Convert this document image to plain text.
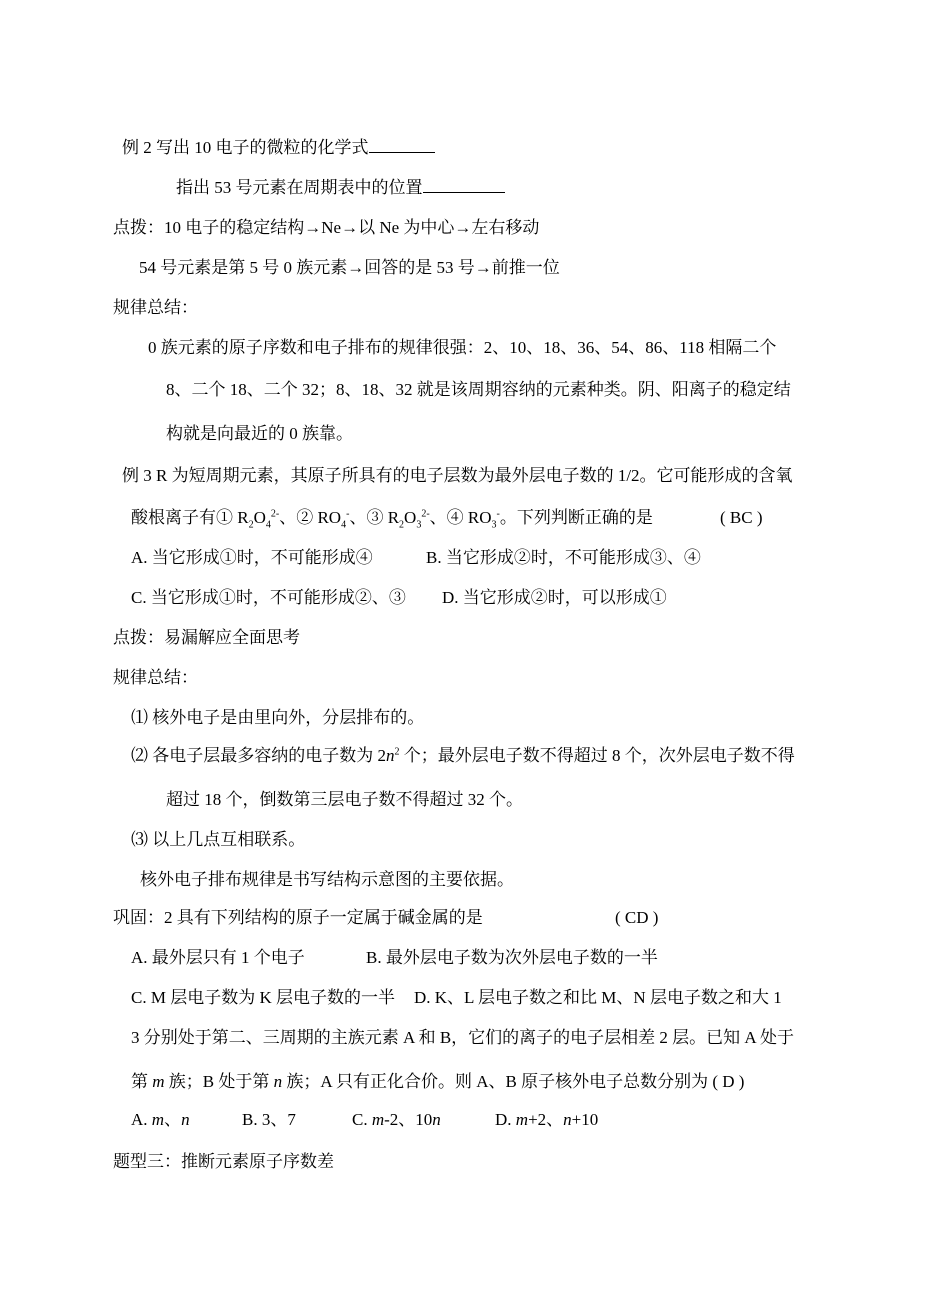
例 2 写出 10 电子的微粒的化学式
指出 53 号元素在周期表中的位置
点拨：10 电子的稳定结构→Ne→以 Ne 为中心→左右移动
54 号元素是第 5 号 0 族元素→回答的是 53 号→前推一位
规律总结：
0 族元素的原子序数和电子排布的规律很强：2、10、18、36、54、86、118 相隔二个
8、二个 18、二个 32；8、18、32 就是该周期容纳的元素种类。阴、阳离子的稳定结
构就是向最近的 0 族靠。
例 3 R 为短周期元素，其原子所具有的电子层数为最外层电子数的 1/2。它可能形成的含氧
酸根离子有① $R_2O_4^{2-}$、② $RO_4^-$、③ $R_2O_3^{2-}$、④ $RO_3^-$。下列判断正确的是	( BC )
A. 当它形成①时，不可能形成④	B. 当它形成②时，不可能形成③、④
C. 当它形成①时，不可能形成②、③ D. 当它形成②时，可以形成①
点拨：易漏解应全面思考
规律总结：
⑴ 核外电子是由里向外，分层排布的。
⑵ 各电子层最多容纳的电子数为 $2n^2$ 个；最外层电子数不得超过 8 个，次外层电子数不得
超过 18 个，倒数第三层电子数不得超过 32 个。
⑶ 以上几点互相联系。
核外电子排布规律是书写结构示意图的主要依据。
巩固：2 具有下列结构的原子一定属于碱金属的是	( CD )
A. 最外层只有 1 个电子	B. 最外层电子数为次外层电子数的一半
C. M 层电子数为 K 层电子数的一半 D. K、L 层电子数之和比 M、N 层电子数之和大 1
3 分别处于第二、三周期的主族元素 A 和 B，它们的离子的电子层相差 2 层。已知 A 处于
第 m 族；B 处于第 n 族；A 只有正化合价。则 A、B 原子核外电子总数分别为 ( D )
A. m、n	B. 3、7	C. m-2、10n	D. m+2、n+10
题型三：推断元素原子序数差
